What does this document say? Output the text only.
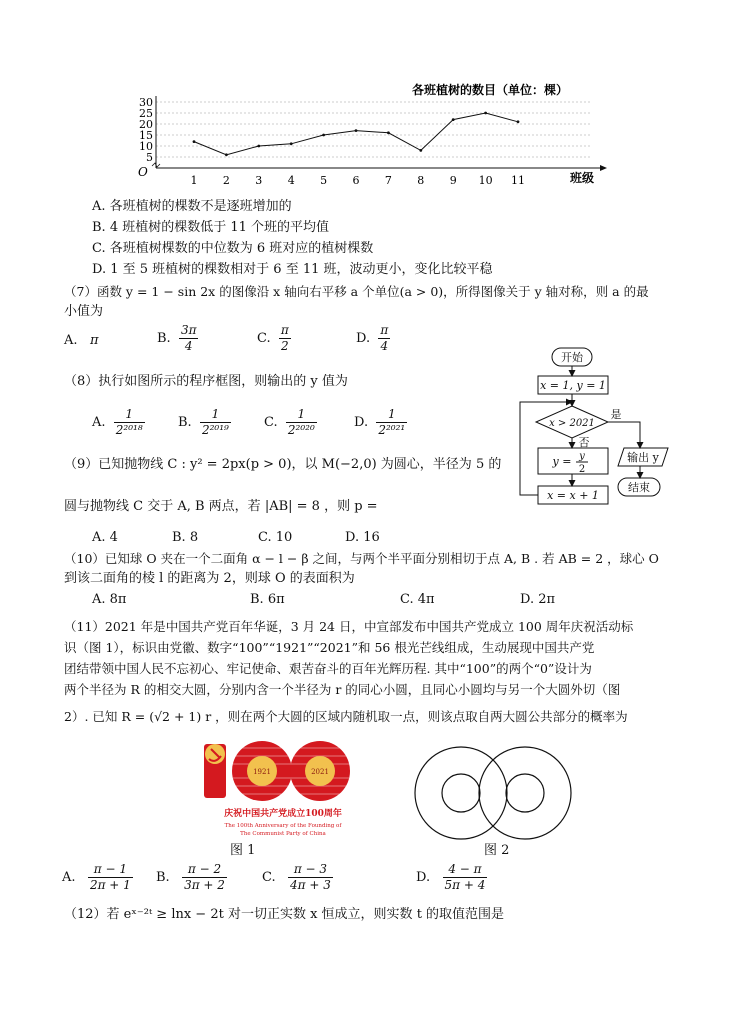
各班植树的数目（单位：棵）
5
10
15
20
25
30
1 2 3 4 5 6 7 8 9 10 11
O	班级
A. 各班植树的棵数不是逐班增加的
B. 4 班植树的棵数低于 11 个班的平均值
C. 各班植树棵数的中位数为 6 班对应的植树棵数
D. 1 至 5 班植树的棵数相对于 6 至 11 班，波动更小，变化比较平稳
（7）函数 y = 1 − sin 2x 的图像沿 x 轴向右平移 a 个单位(a > 0)，所得图像关于 y 轴对称，则 a 的最
小值为
A. π	B. $\frac{3\pi}{4}$	C. $\frac{\pi}{2}$	D. $\frac{\pi}{4}$
（8）执行如图所示的程序框图，则输出的 y 值为
A. $\frac{1}{\text{2²⁰¹⁸}}$	B. $\frac{1}{\text{2²⁰¹⁹}}$	C. $\frac{1}{\text{2²⁰²⁰}}$	D. $\frac{1}{\text{2²⁰²¹}}$
开始
x = 1, y = 1
x > 2021
是
否
y = y
2
x = x + 1
输出 y
结束
（9）已知抛物线 C : y² = 2px(p > 0)，以 M(−2,0) 为圆心，半径为 5 的
圆与抛物线 C 交于 A, B 两点，若 |AB| = 8 ，则 p =
A. 4	B. 8	C. 10	D. 16
（10）已知球 O 夹在一个二面角 α − l − β 之间，与两个半平面分别相切于点 A, B . 若 AB = 2 ，球心 O
到该二面角的棱 l 的距离为 2，则球 O 的表面积为
A. 8π	B. 6π	C. 4π	D. 2π
（11）2021 年是中国共产党百年华诞，3 月 24 日，中宣部发布中国共产党成立 100 周年庆祝活动标
识（图 1），标识由党徽、数字“100”“1921”“2021”和 56 根光芒线组成，生动展现中国共产党
团结带领中国人民不忘初心、牢记使命、艰苦奋斗的百年光辉历程. 其中“100”的两个“0”设计为
两个半径为 R 的相交大圆，分别内含一个半径为 r 的同心小圆，且同心小圆均与另一个大圆外切（图
2）. 已知 R = (√2 + 1) r ，则在两个大圆的区域内随机取一点，则该点取自两大圆公共部分的概率为
1921	2021
庆祝中国共产党成立100周年
The 100th Anniversary of the Founding of
The Communist Party of China
图 1	图 2
A. $\frac{\pi - 1}{2\pi + 1} B$. $\frac{\pi - 2}{3\pi + 2}$	C. $\frac{\pi - 3}{4\pi + 3}$	D. $\frac{4 - \pi}{5\pi + 4}$
（12）若 eˣ⁻²ᵗ ≥ lnx − 2t 对一切正实数 x 恒成立，则实数 t 的取值范围是
